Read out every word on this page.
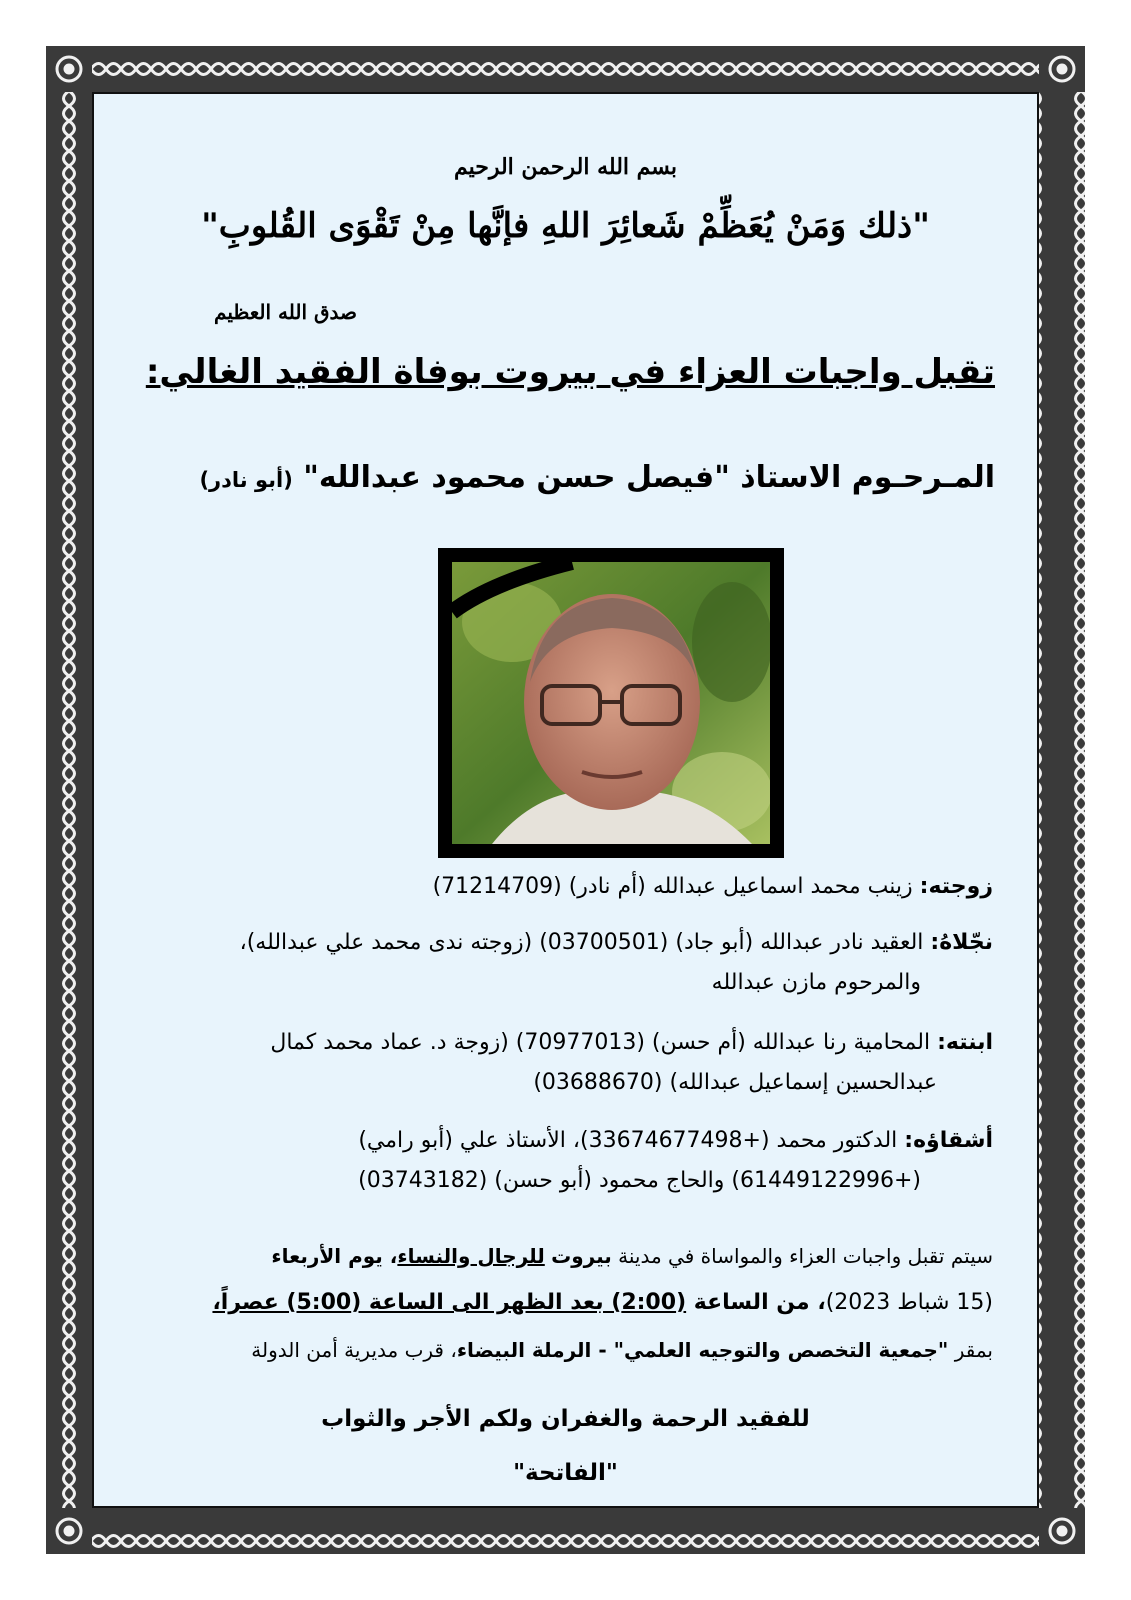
بسم الله الرحمن الرحيم
"ذلك وَمَنْ يُعَظِّمْ شَعائِرَ اللهِ فإنَّها مِنْ تَقْوَى القُلوبِ"
صدق الله العظيم
تقبل واجبات العزاء في بيروت بوفاة الفقيد الغالي:
المـرحـوم الاستاذ "فيصل حسن محمود عبدالله" (أبو نادر)
زوجته: زينب محمد اسماعيل عبدالله (أم نادر) (71214709)
نجّلاهُ: العقيد نادر عبدالله (أبو جاد) (03700501) (زوجته ندى محمد علي عبدالله)،
والمرحوم مازن عبدالله
ابنته: المحامية رنا عبدالله (أم حسن) (70977013) (زوجة د. عماد محمد كمال
عبدالحسين إسماعيل عبدالله) (03688670)
أشقاؤه: الدكتور محمد (+33674677498)، الأستاذ علي (أبو رامي)
(+61449122996) والحاج محمود (أبو حسن) (03743182)
سيتم تقبل واجبات العزاء والمواساة في مدينة بيروت للرجال والنساء، يوم الأربعاء
(15 شباط 2023)، من الساعة (2:00) بعد الظهر الى الساعة (5:00) عصراً،
بمقر "جمعية التخصص والتوجيه العلمي" - الرملة البيضاء، قرب مديرية أمن الدولة
للفقيد الرحمة والغفران ولكم الأجر والثواب
"الفاتحة"
